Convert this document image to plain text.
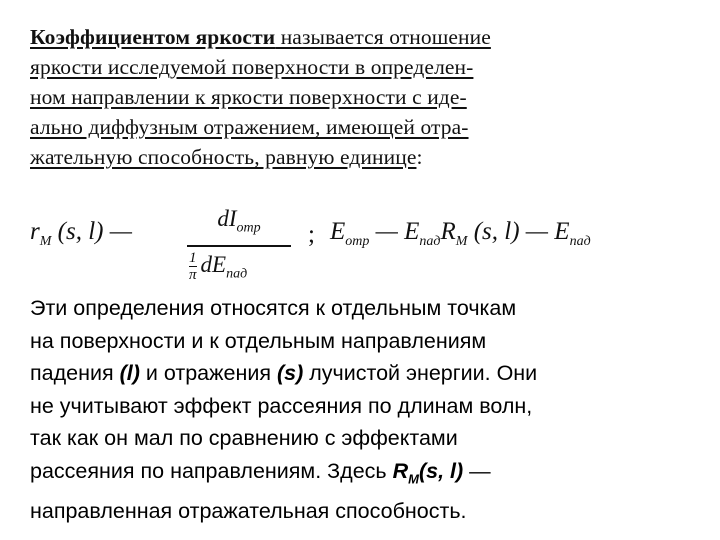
Коэффициентом яркости называется отношение
яркости исследуемой поверхности в определен-
ном направлении к яркости поверхности с иде-
ально диффузным отражением, имеющей отра-
жательную способность, равную единице:
$r_M$ (s, l) —	$dI_{отр}$
$\frac{1}{\pi} dE_{пад}$
; $E_{отр}$ — $E_{пад}R_M$ (s, l) — $E_{пад}$
Эти определения относятся к отдельным точкам
на поверхности и к отдельным направлениям
падения (l) и отражения (s) лучистой энергии. Они
не учитывают эффект рассеяния по длинам волн,
так как он мал по сравнению с эффектами
рассеяния по направлениям. Здесь $R_M(s$, l) —
направленная отражательная способность.
